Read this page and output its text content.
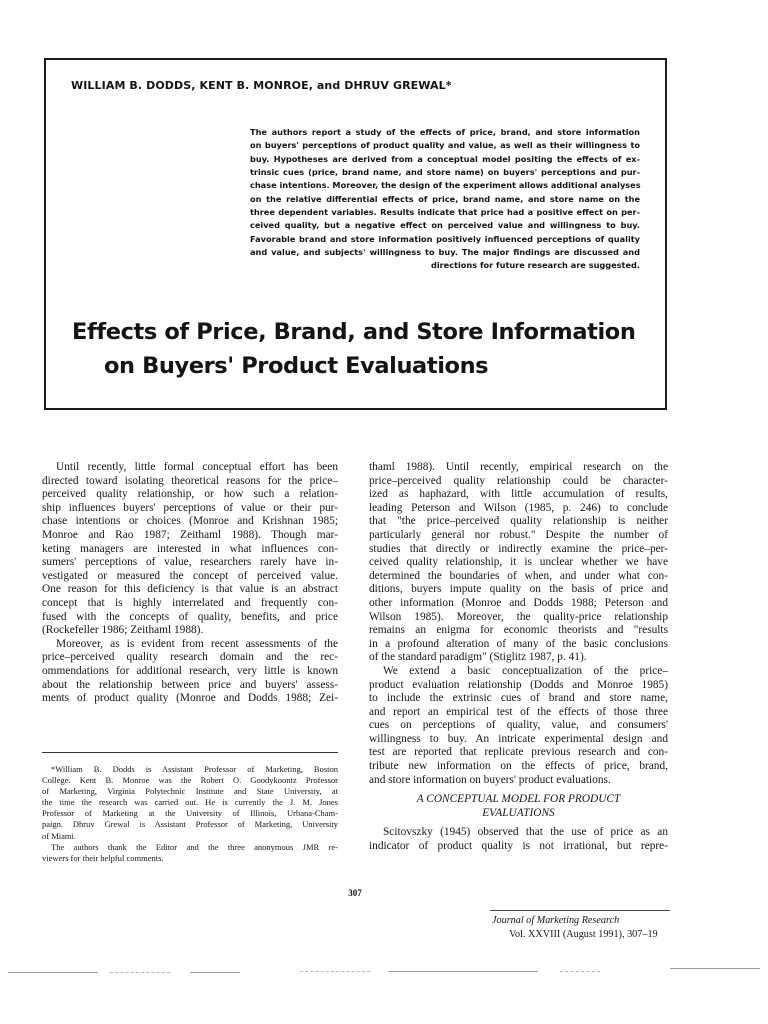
WILLIAM B. DODDS, KENT B. MONROE, and DHRUV GREWAL*
The authors report a study of the effects of price, brand, and store information
on buyers' perceptions of product quality and value, as well as their willingness to
buy. Hypotheses are derived from a conceptual model positing the effects of ex-
trinsic cues (price, brand name, and store name) on buyers' perceptions and pur-
chase intentions. Moreover, the design of the experiment allows additional analyses
on the relative differential effects of price, brand name, and store name on the
three dependent variables. Results indicate that price had a positive effect on per-
ceived quality, but a negative effect on perceived value and willingness to buy.
Favorable brand and store information positively influenced perceptions of quality
and value, and subjects' willingness to buy. The major findings are discussed and
directions for future research are suggested.
Effects of Price, Brand, and Store Information
on Buyers' Product Evaluations
Until recently, little formal conceptual effort has been
directed toward isolating theoretical reasons for the price–
perceived quality relationship, or how such a relation-
ship influences buyers' perceptions of value or their pur-
chase intentions or choices (Monroe and Krishnan 1985;
Monroe and Rao 1987; Zeithaml 1988). Though mar-
keting managers are interested in what influences con-
sumers' perceptions of value, researchers rarely have in-
vestigated or measured the concept of perceived value.
One reason for this deficiency is that value is an abstract
concept that is highly interrelated and frequently con-
fused with the concepts of quality, benefits, and price
(Rockefeller 1986; Zeithaml 1988).
Moreover, as is evident from recent assessments of the
price–perceived quality research domain and the rec-
ommendations for additional research, very little is known
about the relationship between price and buyers' assess-
ments of product quality (Monroe and Dodds 1988; Zei-
*William B. Dodds is Assistant Professor of Marketing, Boston
College. Kent B. Monroe was the Robert O. Goodykoontz Professor
of Marketing, Virginia Polytechnic Institute and State University, at
the time the research was carried out. He is currently the J. M. Jones
Professor of Marketing at the University of Illinois, Urbana-Cham-
paign. Dhruv Grewal is Assistant Professor of Marketing, University
of Miami.
The authors thank the Editor and the three anonymous JMR re-
viewers for their helpful comments.
thaml 1988). Until recently, empirical research on the
price–perceived quality relationship could be character-
ized as haphazard, with little accumulation of results,
leading Peterson and Wilson (1985, p. 246) to conclude
that "the price–perceived quality relationship is neither
particularly general nor robust." Despite the number of
studies that directly or indirectly examine the price–per-
ceived quality relationship, it is unclear whether we have
determined the boundaries of when, and under what con-
ditions, buyers impute quality on the basis of price and
other information (Monroe and Dodds 1988; Peterson and
Wilson 1985). Moreover, the quality-price relationship
remains an enigma for economic theorists and "results
in a profound alteration of many of the basic conclusions
of the standard paradigm" (Stiglitz 1987, p. 41).
We extend a basic conceptualization of the price–
product evaluation relationship (Dodds and Monroe 1985)
to include the extrinsic cues of brand and store name,
and report an empirical test of the effects of those three
cues on perceptions of quality, value, and consumers'
willingness to buy. An intricate experimental design and
test are reported that replicate previous research and con-
tribute new information on the effects of price, brand,
and store information on buyers' product evaluations.
A CONCEPTUAL MODEL FOR PRODUCT
EVALUATIONS
Scitovszky (1945) observed that the use of price as an
indicator of product quality is not irrational, but repre-
307
Journal of Marketing Research
Vol. XXVIII (August 1991), 307–19
